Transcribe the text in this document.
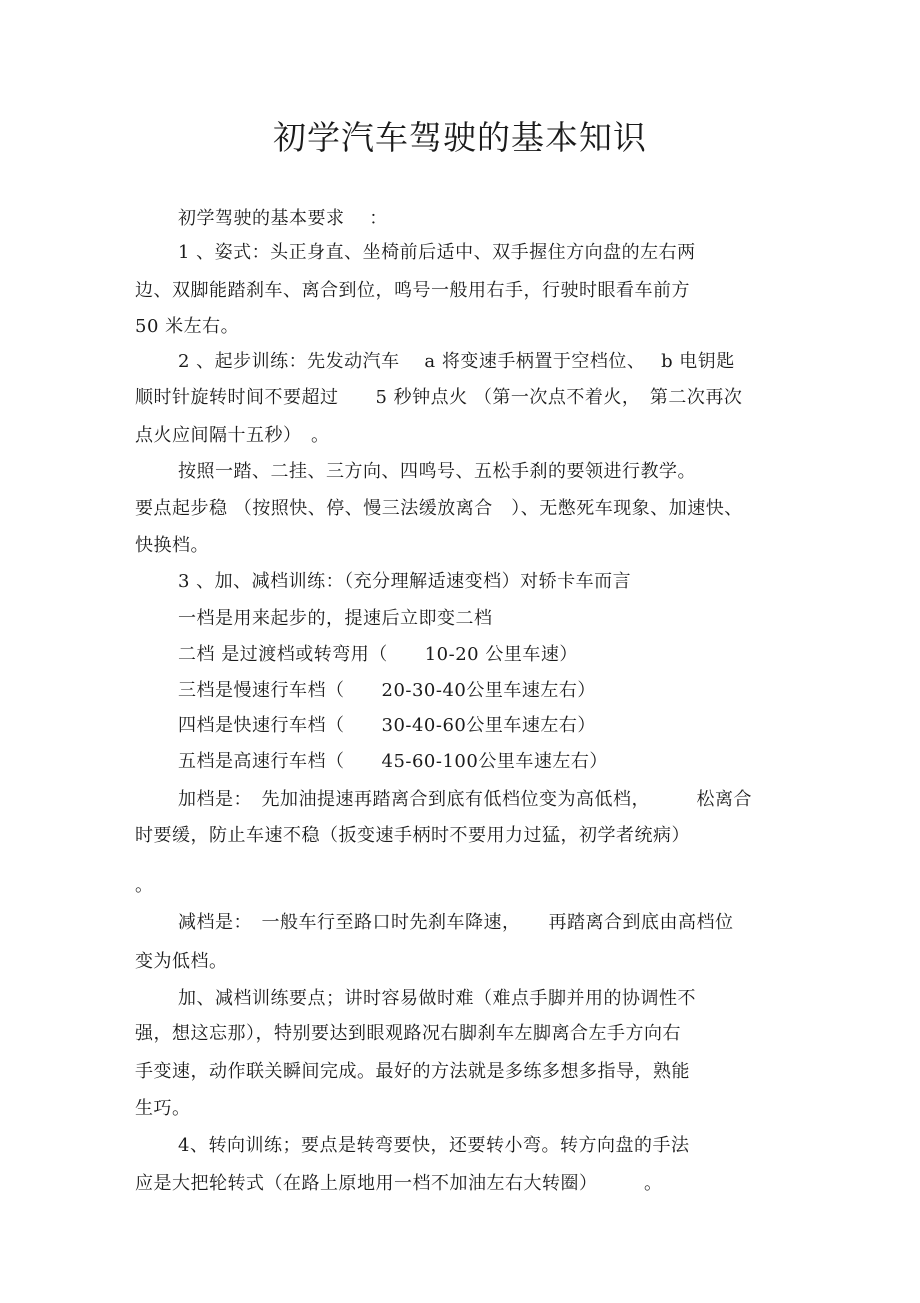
初学汽车驾驶的基本知识
初学驾驶的基本要求　 ：
1 、姿式：头正身直、坐椅前后适中、双手握住方向盘的左右两
边、双脚能踏刹车、离合到位，鸣号一般用右手，行驶时眼看车前方
50 米左右。
2 、起步训练：先发动汽车　 a 将变速手柄置于空档位、　 b 电钥匙
顺时针旋转时间不要超过　　5 秒钟点火 （第一次点不着火，　第二次再次
点火应间隔十五秒）　。
按照一踏、二挂、三方向、四鸣号、五松手刹的要领进行教学。
要点起步稳 （按照快、停、慢三法缓放离合　）、无憋死车现象、加速快、
快换档。
3 、加、减档训练：（充分理解适速变档）对轿卡车而言
一档是用来起步的，提速后立即变二档
二档 是过渡档或转弯用（　　10-20 公里车速）
三档是慢速行车档（　　20-30-40公里车速左右）
四档是快速行车档（　　30-40-60公里车速左右）
五档是高速行车档（　　45-60-100公里车速左右）
加档是：　先加油提速再踏离合到底有低档位变为高低档，　　　松离合
时要缓，防止车速不稳（扳变速手柄时不要用力过猛，初学者统病）
。
减档是：　一般车行至路口时先刹车降速，　　再踏离合到底由高档位
变为低档。
加、减档训练要点；讲时容易做时难（难点手脚并用的协调性不
强，想这忘那），特别要达到眼观路况右脚刹车左脚离合左手方向右
手变速，动作联关瞬间完成。最好的方法就是多练多想多指导，熟能
生巧。
4、转向训练；要点是转弯要快，还要转小弯。转方向盘的手法
应是大把轮转式（在路上原地用一档不加油左右大转圈）　　　。
